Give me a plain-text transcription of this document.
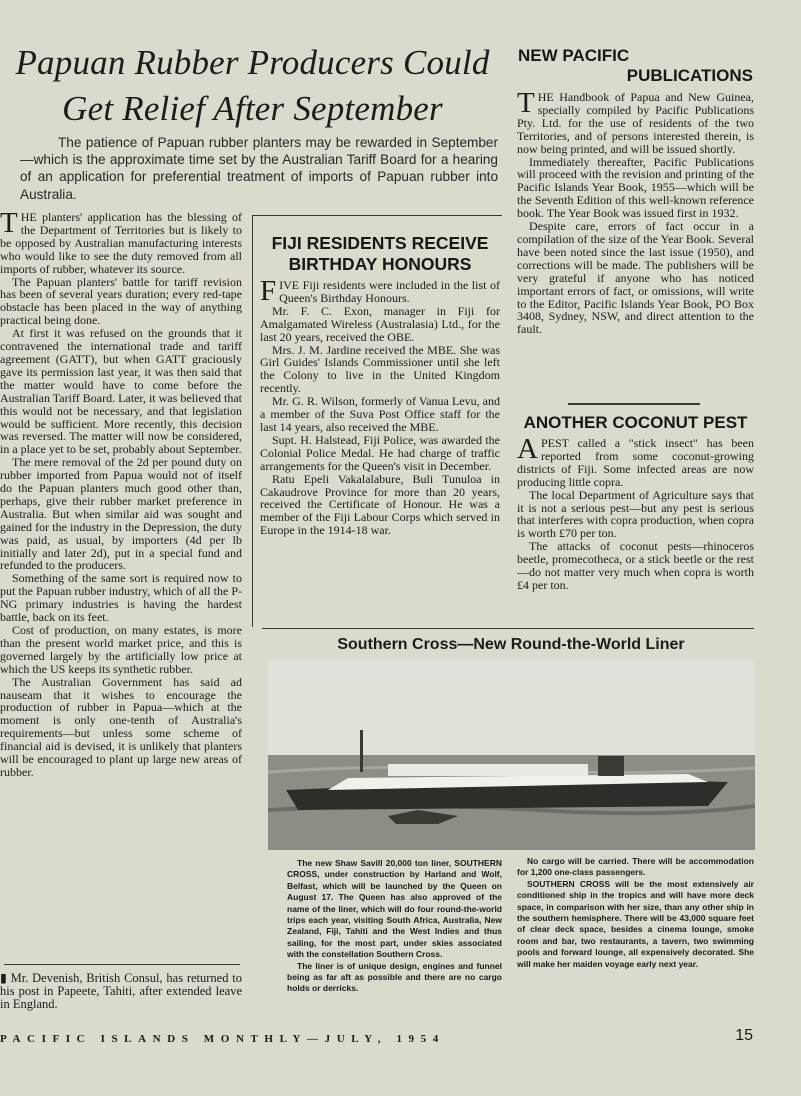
Papuan Rubber Producers Could
Get Relief After September
The patience of Papuan rubber planters may be rewarded in September—which is the approximate time set by the Australian Tariff Board for a hearing of an application for preferential treatment of imports of Papuan rubber into Australia.

THE planters' application has the blessing of the Department of Territories but is likely to be opposed by Australian manufacturing interests who would like to see the duty removed from all imports of rubber, whatever its source.

The Papuan planters' battle for tariff revision has been of several years duration; every red-tape obstacle has been placed in the way of anything practical being done.

At first it was refused on the grounds that it contravened the international trade and tariff agreement (GATT), but when GATT graciously gave its permission last year, it was then said that the matter would have to come before the Australian Tariff Board. Later, it was believed that this would not be necessary, and that legislation would be sufficient. More recently, this decision was reversed. The matter will now be considered, in a place yet to be set, probably about September.

The mere removal of the 2d per pound duty on rubber imported from Papua would not of itself do the Papuan planters much good other than, perhaps, give their rubber market preference in Australia. But when similar aid was sought and gained for the industry in the Depression, the duty was paid, as usual, by importers (4d per lb initially and later 2d), put in a special fund and refunded to the producers.

Something of the same sort is required now to put the Papuan rubber industry, which of all the P-NG primary industries is having the hardest battle, back on its feet.

Cost of production, on many estates, is more than the present world market price, and this is governed largely by the artificially low price at which the US keeps its synthetic rubber.

The Australian Government has said ad nauseam that it wishes to encourage the production of rubber in Papua—which at the moment is only one-tenth of Australia's requirements—but unless some scheme of financial aid is devised, it is unlikely that planters will be encouraged to plant up large new areas of rubber.

▮ Mr. Devenish, British Consul, has returned to his post in Papeete, Tahiti, after extended leave in England.
FIJI RESIDENTS RECEIVE
BIRTHDAY HONOURS

FIVE Fiji residents were included in the list of Queen's Birthday Honours.

Mr. F. C. Exon, manager in Fiji for Amalgamated Wireless (Australasia) Ltd., for the last 20 years, received the OBE.

Mrs. J. M. Jardine received the MBE. She was Girl Guides' Islands Commissioner until she left the Colony to live in the United Kingdom recently.

Mr. G. R. Wilson, formerly of Vanua Levu, and a member of the Suva Post Office staff for the last 14 years, also received the MBE.

Supt. H. Halstead, Fiji Police, was awarded the Colonial Police Medal. He had charge of traffic arrangements for the Queen's visit in December.

Ratu Epeli Vakalalabure, Buli Tunuloa in Cakaudrove Province for more than 20 years, received the Certificate of Honour. He was a member of the Fiji Labour Corps which served in Europe in the 1914-18 war.

NEW PACIFIC
PUBLICATIONS

THE Handbook of Papua and New Guinea, specially compiled by Pacific Publications Pty. Ltd. for the use of residents of the two Territories, and of persons interested therein, is now being printed, and will be issued shortly.

Immediately thereafter, Pacific Publications will proceed with the revision and printing of the Pacific Islands Year Book, 1955—which will be the Seventh Edition of this well-known reference book. The Year Book was issued first in 1932.

Despite care, errors of fact occur in a compilation of the size of the Year Book. Several have been noted since the last issue (1950), and corrections will be made. The publishers will be very grateful if anyone who has noticed important errors of fact, or omissions, will write to the Editor, Pacific Islands Year Book, PO Box 3408, Sydney, NSW, and direct attention to the fault.

ANOTHER COCONUT PEST

APEST called a "stick insect" has been reported from some coconut-growing districts of Fiji. Some infected areas are now producing little copra.

The local Department of Agriculture says that it is not a serious pest—but any pest is serious that interferes with copra production, when copra is worth £70 per ton.

The attacks of coconut pests—rhinoceros beetle, promecotheca, or a stick beetle or the rest—do not matter very much when copra is worth £4 per ton.

Southern Cross—New Round-the-World Liner

The new Shaw Savill 20,000 ton liner, SOUTHERN CROSS, under construction by Harland and Wolf, Belfast, which will be launched by the Queen on August 17. The Queen has also approved of the name of the liner, which will do four round-the-world trips each year, visiting South Africa, Australia, New Zealand, Fiji, Tahiti and the West Indies and thus sailing, for the most part, under skies associated with the constellation Southern Cross.

The liner is of unique design, engines and funnel being as far aft as possible and there are no cargo holds or derricks.

No cargo will be carried. There will be accommodation for 1,200 one-class passengers.

SOUTHERN CROSS will be the most extensively air conditioned ship in the tropics and will have more deck space, in comparison with her size, than any other ship in the southern hemisphere. There will be 43,000 square feet of clear deck space, besides a cinema lounge, smoke room and bar, two restaurants, a tavern, two swimming pools and forward lounge, all expensively decorated. She will make her maiden voyage early next year.

PACIFIC ISLANDS MONTHLY—JULY, 1954	15
